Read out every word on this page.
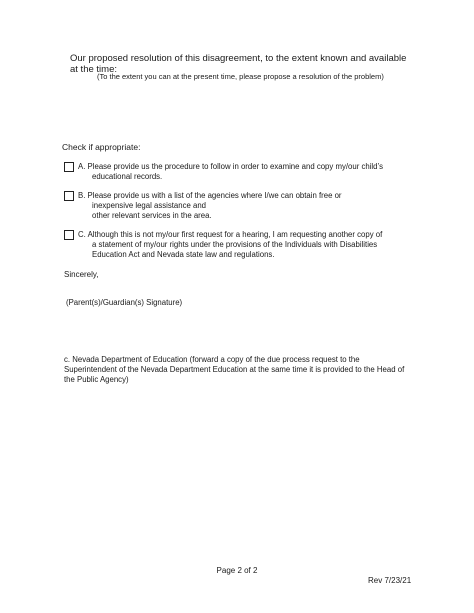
Our proposed resolution of this disagreement, to the extent known and available at the time:
(To the extent you can at the present time, please propose a resolution of the problem)
Check if appropriate:
A. Please provide us the procedure to follow in order to examine and copy my/our child’s
educational records.
B. Please provide us with a list of the agencies where I/we can obtain free or
inexpensive legal assistance and
other relevant services in the area.
C. Although this is not my/our first request for a hearing, I am requesting another copy of
a statement of my/our rights under the provisions of the Individuals with Disabilities
Education Act and Nevada state law and regulations.
Sincerely,
(Parent(s)/Guardian(s) Signature)
c. Nevada Department of Education (forward a copy of the due process request to the Superintendent of the Nevada Department Education at the same time it is provided to the Head of the Public Agency)
Page 2 of 2
Rev 7/23/21
